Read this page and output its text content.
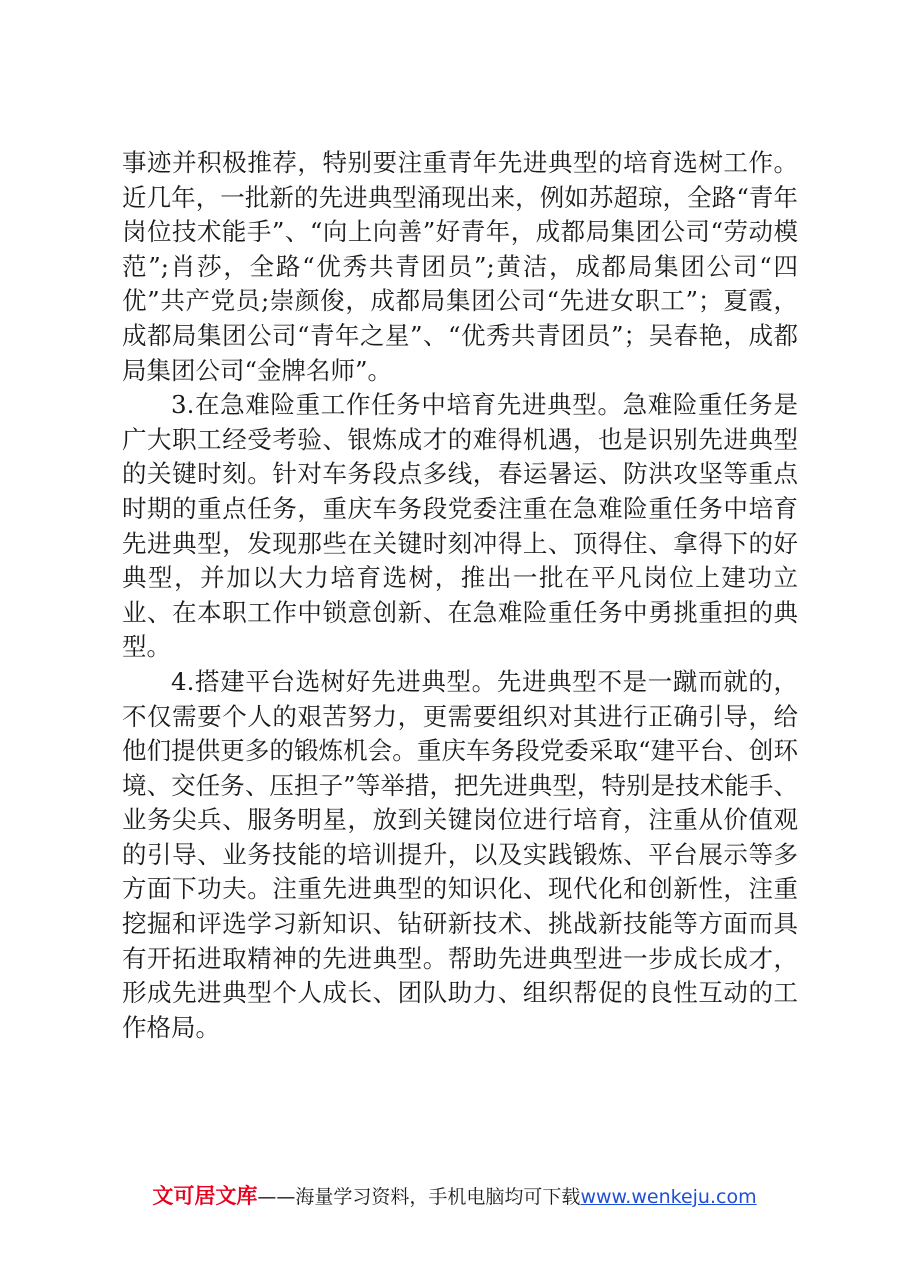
事迹并积极推荐，特别要注重青年先进典型的培育选树工作。近几年，一批新的先进典型涌现出来，例如苏超琼，全路“青年岗位技术能手”、“向上向善”好青年，成都局集团公司“劳动模范”;肖莎，全路“优秀共青团员”;黄洁，成都局集团公司“四优”共产党员;崇颜俊，成都局集团公司“先进女职工”；夏霞，成都局集团公司“青年之星”、“优秀共青团员”；吴春艳，成都局集团公司“金牌名师”。

3.在急难险重工作任务中培育先进典型。急难险重任务是广大职工经受考验、银炼成才的难得机遇，也是识别先进典型的关键时刻。针对车务段点多线，春运暑运、防洪攻坚等重点时期的重点任务，重庆车务段党委注重在急难险重任务中培育先进典型，发现那些在关键时刻冲得上、顶得住、拿得下的好典型，并加以大力培育选树，推出一批在平凡岗位上建功立业、在本职工作中锁意创新、在急难险重任务中勇挑重担的典型。

4.搭建平台选树好先进典型。先进典型不是一蹴而就的，不仅需要个人的艰苦努力，更需要组织对其进行正确引导，给他们提供更多的锻炼机会。重庆车务段党委采取“建平台、创环境、交任务、压担子”等举措，把先进典型，特别是技术能手、业务尖兵、服务明星，放到关键岗位进行培育，注重从价值观的引导、业务技能的培训提升，以及实践锻炼、平台展示等多方面下功夫。注重先进典型的知识化、现代化和创新性，注重挖掘和评选学习新知识、钻研新技术、挑战新技能等方面而具有开拓进取精神的先进典型。帮助先进典型进一步成长成才，形成先进典型个人成长、团队助力、组织帮促的良性互动的工作格局。

文可居文库——海量学习资料，手机电脑均可下载www.wenkeju.com
